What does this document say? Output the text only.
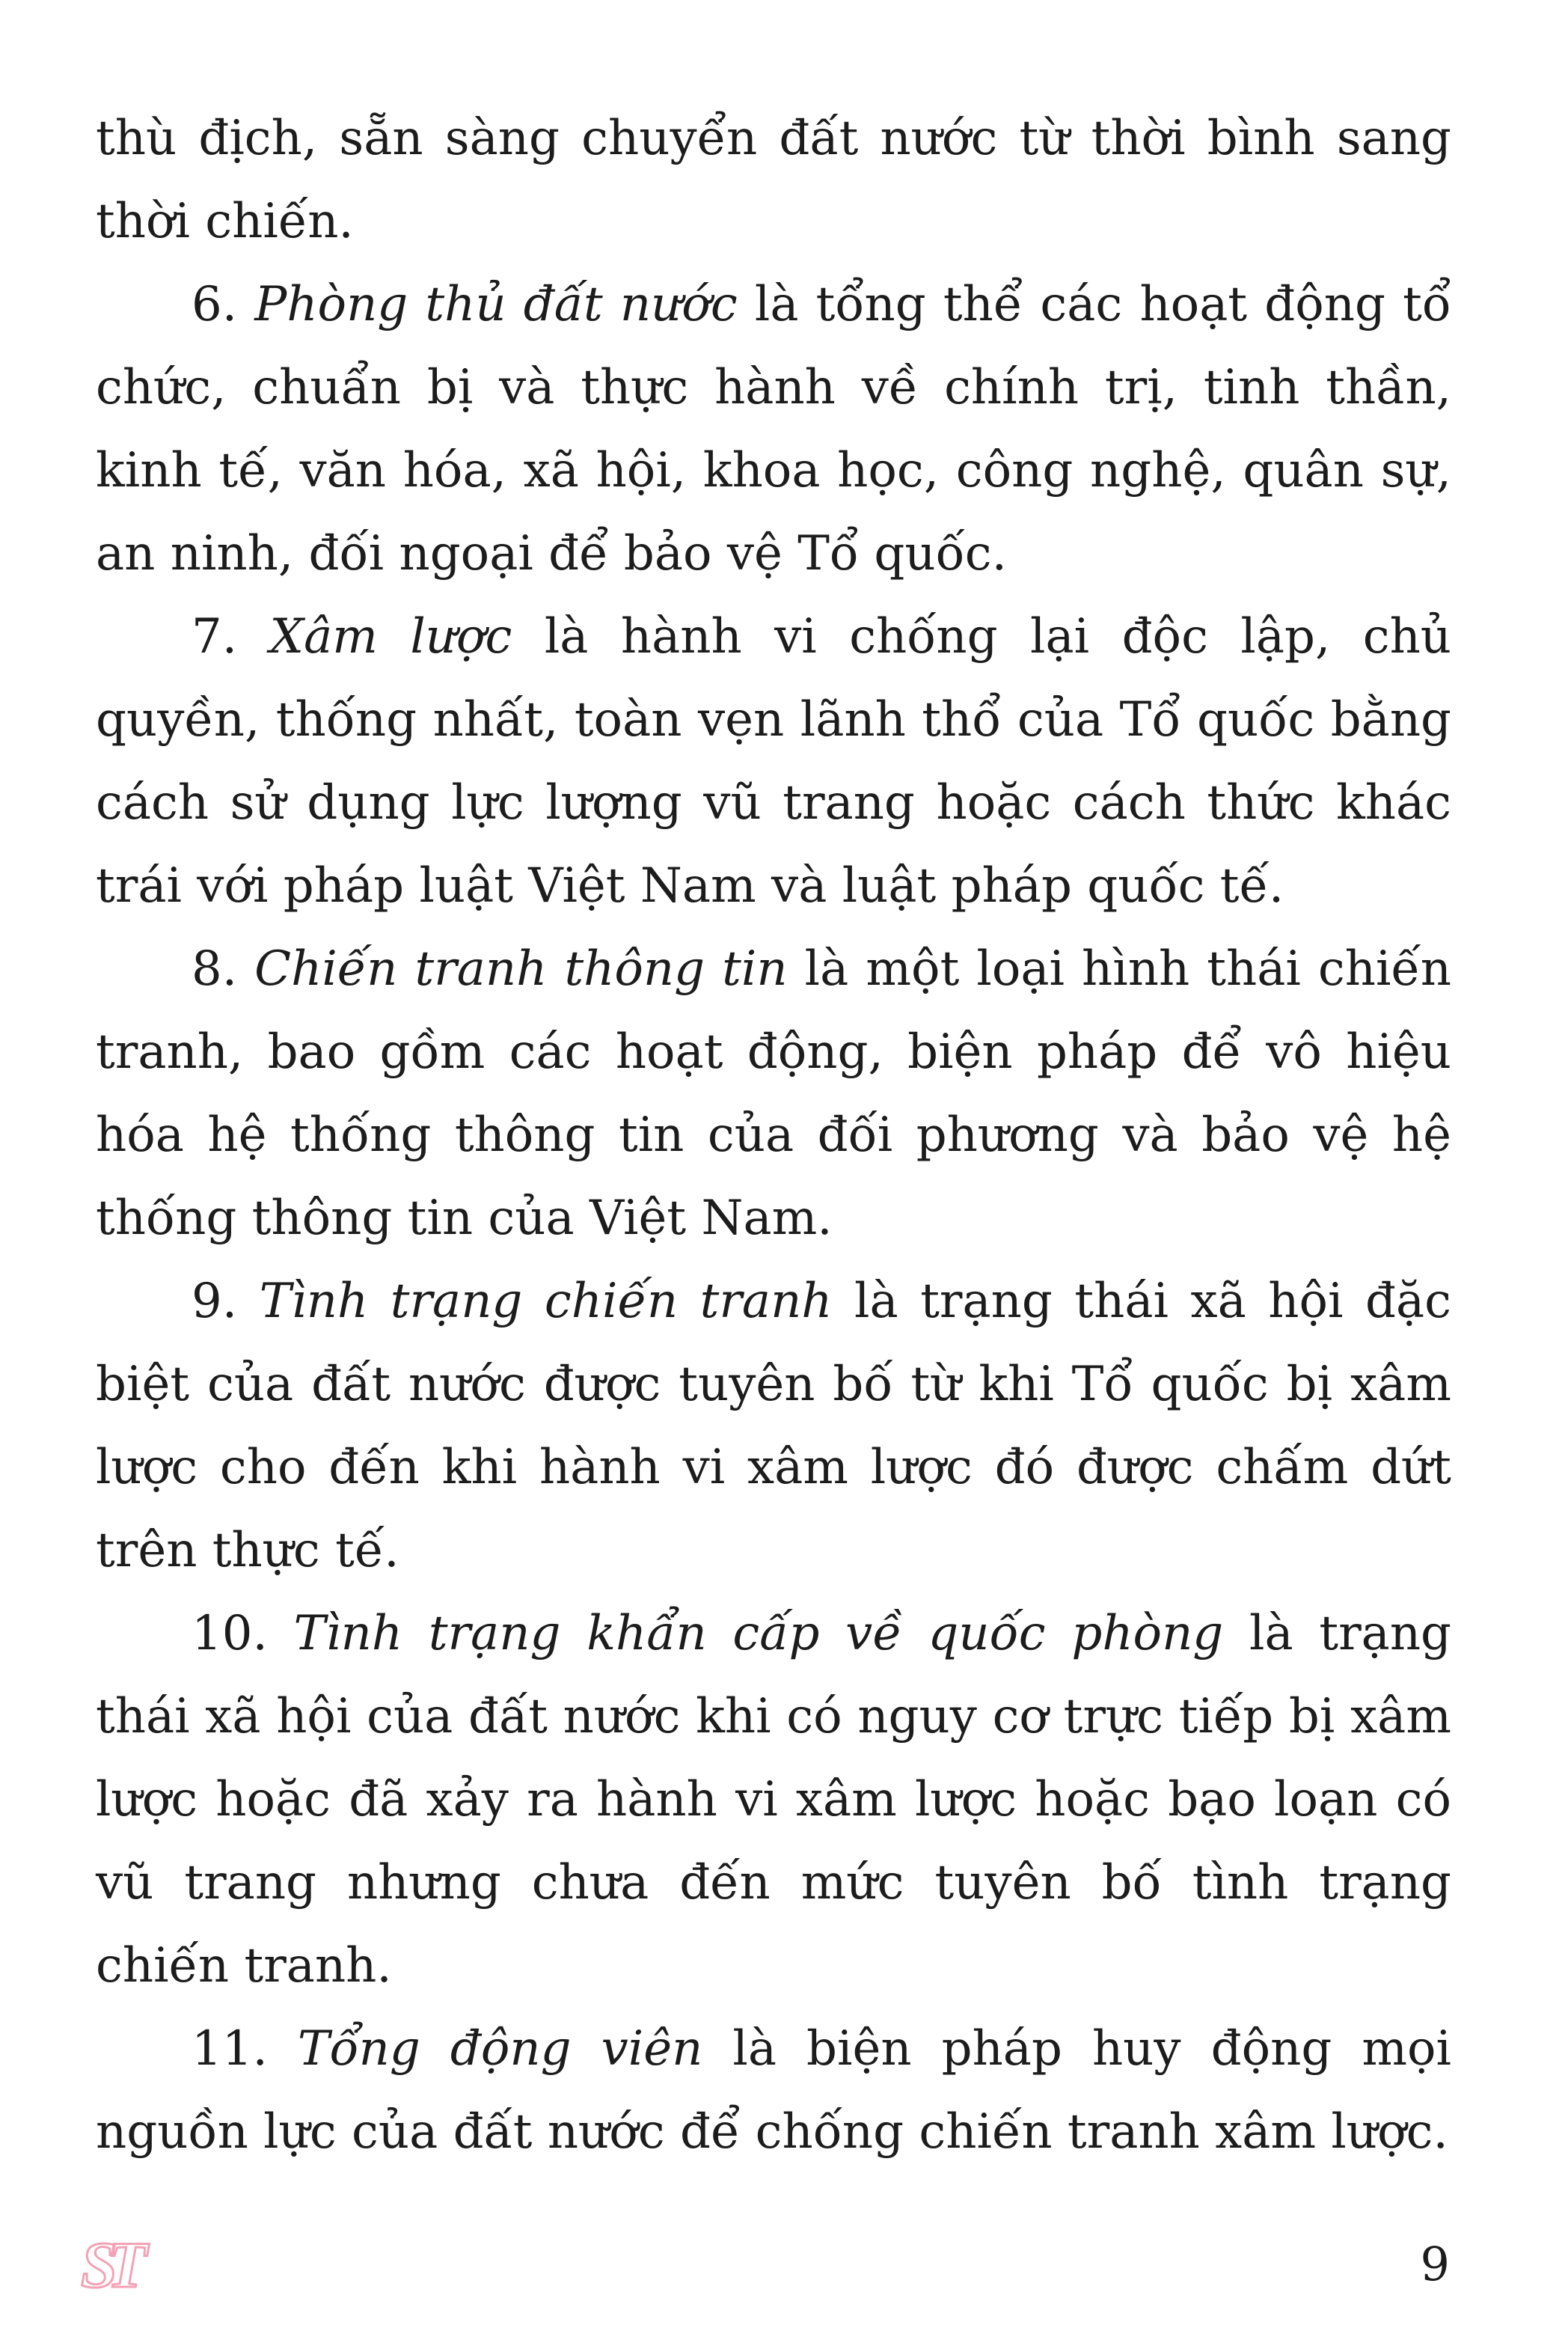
thù địch, sẵn sàng chuyển đất nước từ thời bình sang thời chiến.

6. Phòng thủ đất nước là tổng thể các hoạt động tổ chức, chuẩn bị và thực hành về chính trị, tinh thần, kinh tế, văn hóa, xã hội, khoa học, công nghệ, quân sự, an ninh, đối ngoại để bảo vệ Tổ quốc.

7. Xâm lược là hành vi chống lại độc lập, chủ quyền, thống nhất, toàn vẹn lãnh thổ của Tổ quốc bằng cách sử dụng lực lượng vũ trang hoặc cách thức khác trái với pháp luật Việt Nam và luật pháp quốc tế.

8. Chiến tranh thông tin là một loại hình thái chiến tranh, bao gồm các hoạt động, biện pháp để vô hiệu hóa hệ thống thông tin của đối phương và bảo vệ hệ thống thông tin của Việt Nam.

9. Tình trạng chiến tranh là trạng thái xã hội đặc biệt của đất nước được tuyên bố từ khi Tổ quốc bị xâm lược cho đến khi hành vi xâm lược đó được chấm dứt trên thực tế.

10. Tình trạng khẩn cấp về quốc phòng là trạng thái xã hội của đất nước khi có nguy cơ trực tiếp bị xâm lược hoặc đã xảy ra hành vi xâm lược hoặc bạo loạn có vũ trang nhưng chưa đến mức tuyên bố tình trạng chiến tranh.

11. Tổng động viên là biện pháp huy động mọi nguồn lực của đất nước để chống chiến tranh xâm lược.

ST	9
